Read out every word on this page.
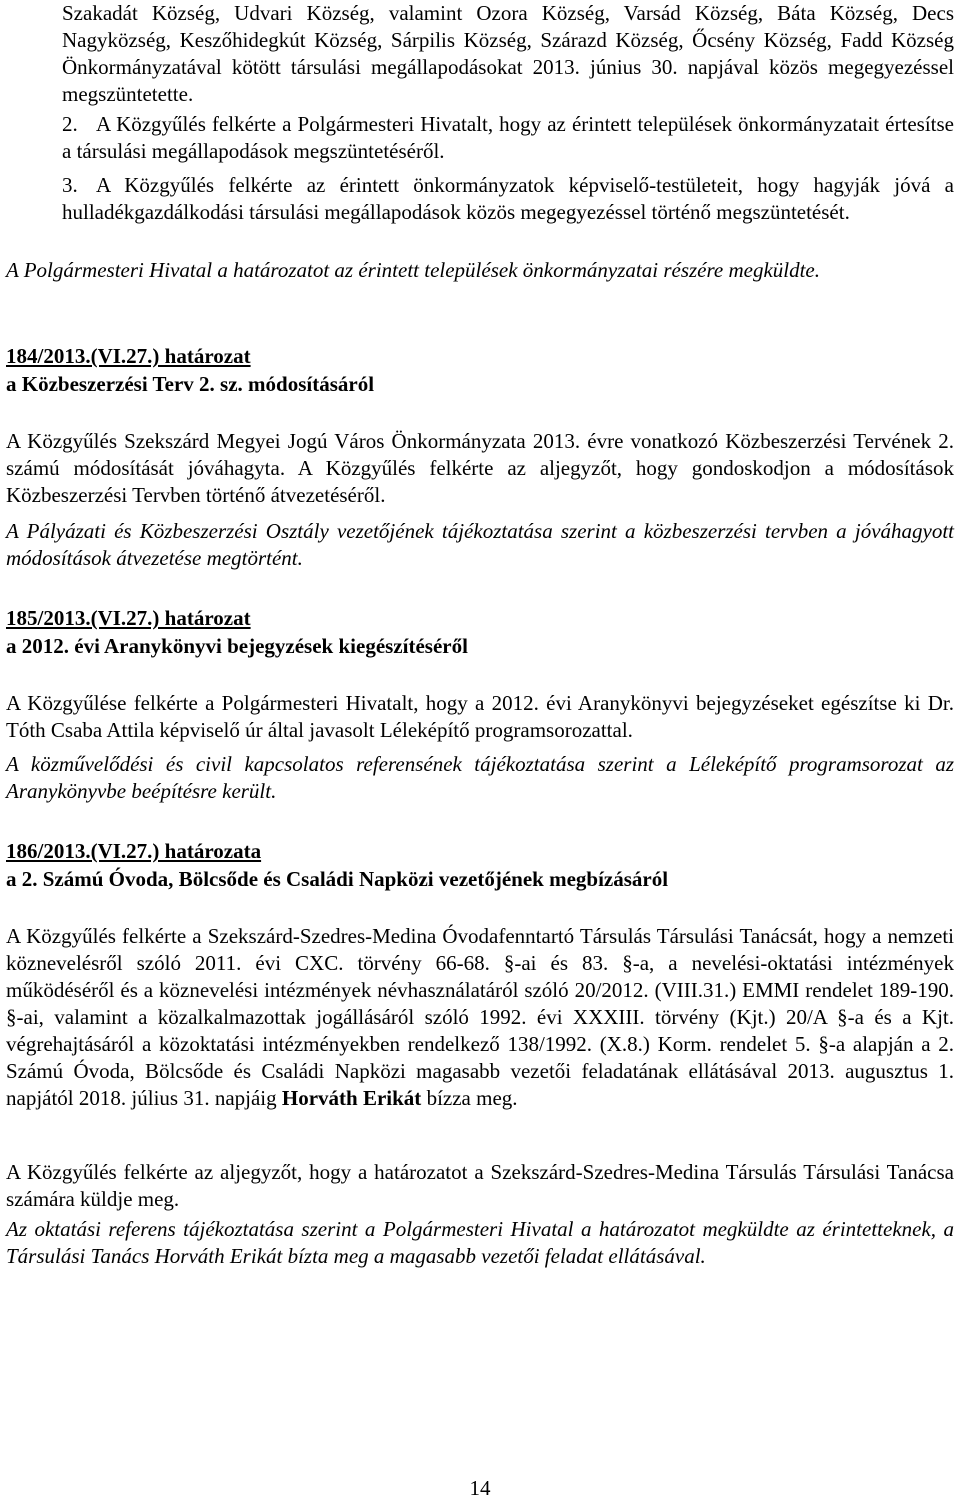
Szakadát Község, Udvari Község, valamint Ozora Község, Varsád Község, Báta Község, Decs Nagyközség, Keszőhidegkút Község, Sárpilis Község, Szárazd Község, Őcsény Község, Fadd Község Önkormányzatával kötött társulási megállapodásokat 2013. június 30. napjával közös megegyezéssel megszüntetette.

2. A Közgyűlés felkérte a Polgármesteri Hivatalt, hogy az érintett települések önkormányzatait értesítse a társulási megállapodások megszüntetéséről.

3. A Közgyűlés felkérte az érintett önkormányzatok képviselő-testületeit, hogy hagyják jóvá a hulladékgazdálkodási társulási megállapodások közös megegyezéssel történő megszüntetését.

A Polgármesteri Hivatal a határozatot az érintett települések önkormányzatai részére megküldte.

184/2013.(VI.27.) határozat
a Közbeszerzési Terv 2. sz. módosításáról

A Közgyűlés Szekszárd Megyei Jogú Város Önkormányzata 2013. évre vonatkozó Közbeszerzési Tervének 2. számú módosítását jóváhagyta. A Közgyűlés felkérte az aljegyzőt, hogy gondoskodjon a módosítások Közbeszerzési Tervben történő átvezetéséről.

A Pályázati és Közbeszerzési Osztály vezetőjének tájékoztatása szerint a közbeszerzési tervben a jóváhagyott módosítások átvezetése megtörtént.

185/2013.(VI.27.) határozat
a 2012. évi Aranykönyvi bejegyzések kiegészítéséről

A Közgyűlése felkérte a Polgármesteri Hivatalt, hogy a 2012. évi Aranykönyvi bejegyzéseket egészítse ki Dr. Tóth Csaba Attila képviselő úr által javasolt Léleképítő programsorozattal.

A közművelődési és civil kapcsolatos referensének tájékoztatása szerint a Léleképítő programsorozat az Aranykönyvbe beépítésre került.

186/2013.(VI.27.) határozata
a 2. Számú Óvoda, Bölcsőde és Családi Napközi vezetőjének megbízásáról

A Közgyűlés felkérte a Szekszárd-Szedres-Medina Óvodafenntartó Társulás Társulási Tanácsát, hogy a nemzeti köznevelésről szóló 2011. évi CXC. törvény 66-68. §-ai és 83. §-a, a nevelési-oktatási intézmények működéséről és a köznevelési intézmények névhasználatáról szóló 20/2012. (VIII.31.) EMMI rendelet 189-190. §-ai, valamint a közalkalmazottak jogállásáról szóló 1992. évi XXXIII. törvény (Kjt.) 20/A §-a és a Kjt. végrehajtásáról a közoktatási intézményekben rendelkező 138/1992. (X.8.) Korm. rendelet 5. §-a alapján a 2. Számú Óvoda, Bölcsőde és Családi Napközi magasabb vezetői feladatának ellátásával 2013. augusztus 1. napjától 2018. július 31. napjáig Horváth Erikát bízza meg.

A Közgyűlés felkérte az aljegyzőt, hogy a határozatot a Szekszárd-Szedres-Medina Társulás Társulási Tanácsa számára küldje meg.

Az oktatási referens tájékoztatása szerint a Polgármesteri Hivatal a határozatot megküldte az érintetteknek, a Társulási Tanács Horváth Erikát bízta meg a magasabb vezetői feladat ellátásával.

14
